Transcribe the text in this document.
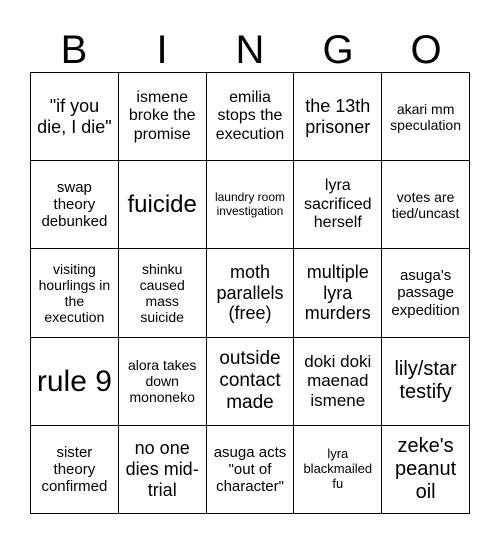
B	I	N	G	O
"if you die, I die"
ismene broke the promise
emilia stops the execution
the 13th prisoner
akari mm speculation
swap theory debunked
fuicide	laundry room investigation
lyra sacrificed herself
votes are tied/uncast
visiting hourlings in the execution
shinku caused mass suicide
moth parallels (free)
multiple lyra murders
asuga's passage expedition
rule 9	alora takes down mononeko
outside contact made
doki doki maenad ismene
lily/star testify
sister theory confirmed
no one dies mid-trial
asuga acts "out of character"
lyra blackmailed fu
zeke's peanut oil
